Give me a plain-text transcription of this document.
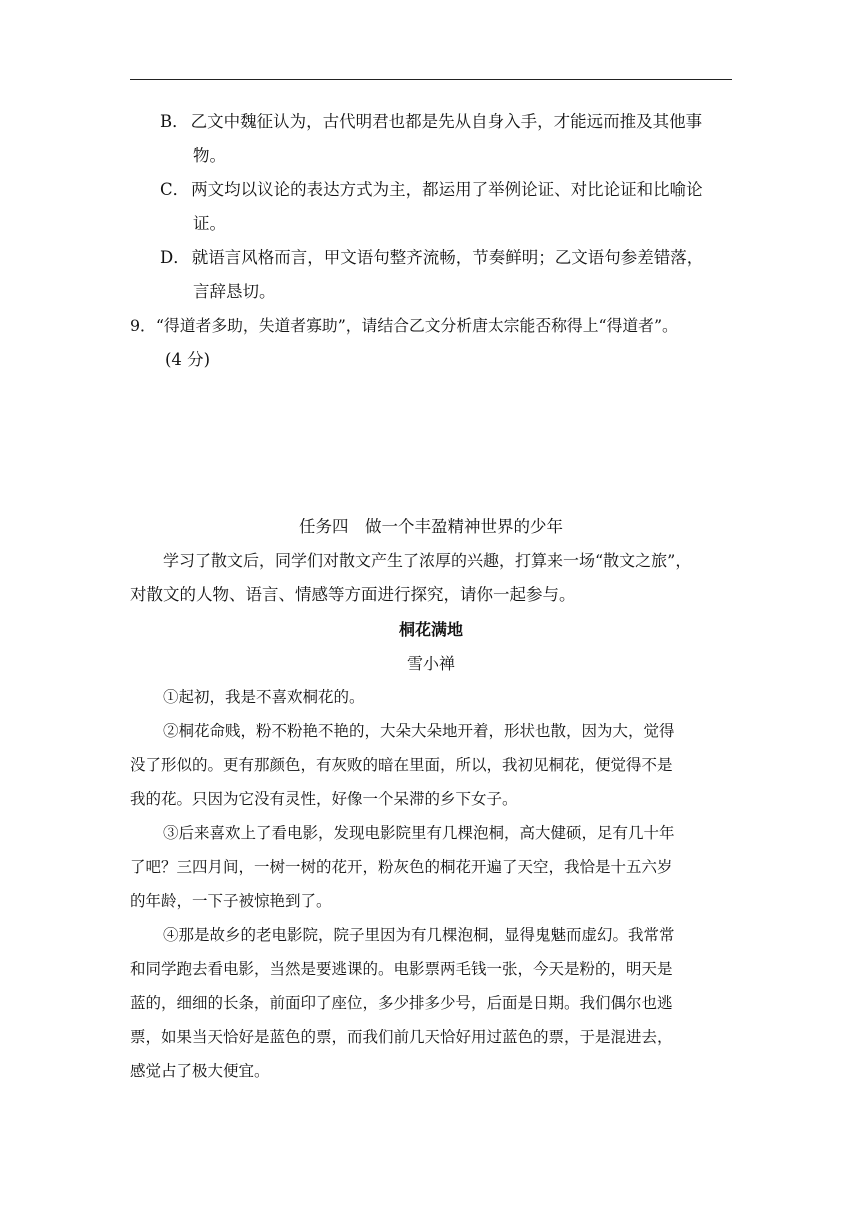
B． 乙文中魏征认为，古代明君也都是先从自身入手，才能远而推及其他事
物。
C． 两文均以议论的表达方式为主，都运用了举例论证、对比论证和比喻论
证。
D． 就语言风格而言，甲文语句整齐流畅，节奏鲜明；乙文语句参差错落，
言辞恳切。
9．“得道者多助，失道者寡助”，请结合乙文分析唐太宗能否称得上“得道者”。
(4 分)
任务四　做一个丰盈精神世界的少年
学习了散文后，同学们对散文产生了浓厚的兴趣，打算来一场“散文之旅”，
对散文的人物、语言、情感等方面进行探究，请你一起参与。
桐花满地
雪小禅
①起初，我是不喜欢桐花的。
②桐花命贱，粉不粉艳不艳的，大朵大朵地开着，形状也散，因为大，觉得
没了形似的。更有那颜色，有灰败的暗在里面，所以，我初见桐花，便觉得不是
我的花。只因为它没有灵性，好像一个呆滞的乡下女子。
③后来喜欢上了看电影，发现电影院里有几棵泡桐，高大健硕，足有几十年
了吧？三四月间，一树一树的花开，粉灰色的桐花开遍了天空，我恰是十五六岁
的年龄，一下子被惊艳到了。
④那是故乡的老电影院，院子里因为有几棵泡桐，显得鬼魅而虚幻。我常常
和同学跑去看电影，当然是要逃课的。电影票两毛钱一张，今天是粉的，明天是
蓝的，细细的长条，前面印了座位，多少排多少号，后面是日期。我们偶尔也逃
票，如果当天恰好是蓝色的票，而我们前几天恰好用过蓝色的票，于是混进去，
感觉占了极大便宜。
